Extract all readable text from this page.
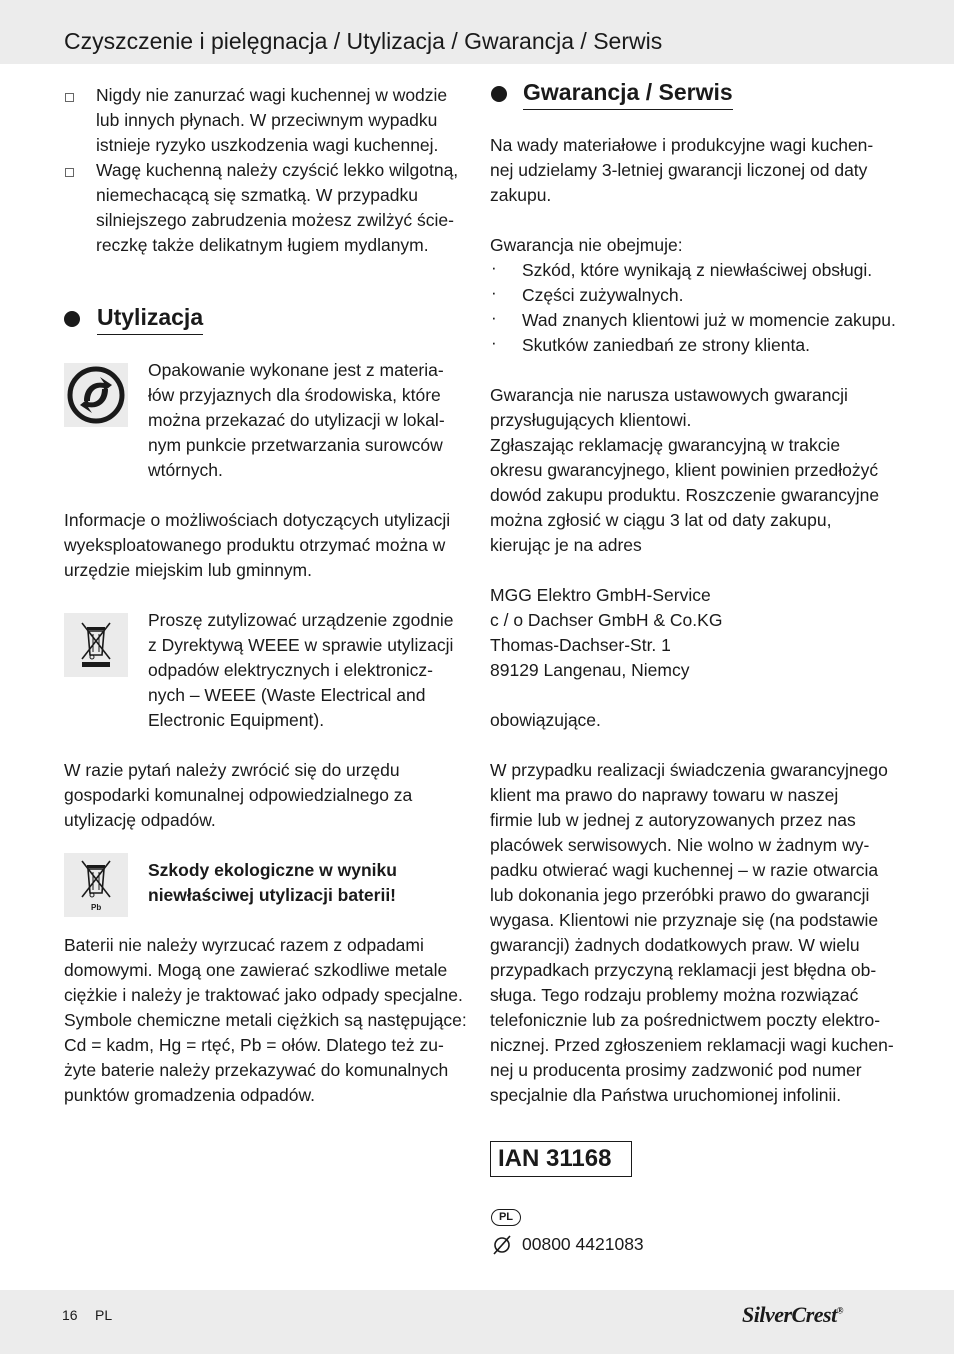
Czyszczenie i pielęgnacja / Utylizacja / Gwarancja / Serwis
Nigdy nie zanurzać wagi kuchennej w wodzie
lub innych płynach. W przeciwnym wypadku
istnieje ryzyko uszkodzenia wagi kuchennej.
Wagę kuchenną należy czyścić lekko wilgotną,
niemechacącą się szmatką. W przypadku
silniejszego zabrudzenia możesz zwilżyć ście-
reczkę także delikatnym ługiem mydlanym.
Utylizacja
Opakowanie wykonane jest z materia-
łów przyjaznych dla środowiska, które
można przekazać do utylizacji w lokal-
nym punkcie przetwarzania surowców
wtórnych.
Informacje o możliwościach dotyczących utylizacji
wyeksploatowanego produktu otrzymać można w
urzędzie miejskim lub gminnym.
Proszę zutylizować urządzenie zgodnie
z Dyrektywą WEEE w sprawie utylizacji
odpadów elektrycznych i elektronicz-
nych – WEEE (Waste Electrical and
Electronic Equipment).
W razie pytań należy zwrócić się do urzędu
gospodarki komunalnej odpowiedzialnego za
utylizację odpadów.
Pb
Szkody ekologiczne w wyniku
niewłaściwej utylizacji baterii!
Baterii nie należy wyrzucać razem z odpadami
domowymi. Mogą one zawierać szkodliwe metale
ciężkie i należy je traktować jako odpady specjalne.
Symbole chemiczne metali ciężkich są następujące:
Cd = kadm, Hg = rtęć, Pb = ołów. Dlatego też zu-
żyte baterie należy przekazywać do komunalnych
punktów gromadzenia odpadów.
Gwarancja / Serwis
Na wady materiałowe i produkcyjne wagi kuchen-
nej udzielamy 3-letniej gwarancji liczonej od daty
zakupu.
Gwarancja nie obejmuje:
· Szkód, które wynikają z niewłaściwej obsługi.
· Części zużywalnych.
· Wad znanych klientowi już w momencie zakupu.
· Skutków zaniedbań ze strony klienta.
Gwarancja nie narusza ustawowych gwarancji
przysługujących klientowi.
Zgłaszając reklamację gwarancyjną w trakcie
okresu gwarancyjnego, klient powinien przedłożyć
dowód zakupu produktu. Roszczenie gwarancyjne
można zgłosić w ciągu 3 lat od daty zakupu,
kierując je na adres
MGG Elektro GmbH-Service
c / o Dachser GmbH & Co.KG
Thomas-Dachser-Str. 1
89129 Langenau, Niemcy
obowiązujące.
W przypadku realizacji świadczenia gwarancyjnego
klient ma prawo do naprawy towaru w naszej
firmie lub w jednej z autoryzowanych przez nas
placówek serwisowych. Nie wolno w żadnym wy-
padku otwierać wagi kuchennej – w razie otwarcia
lub dokonania jego przeróbki prawo do gwarancji
wygasa. Klientowi nie przyznaje się (na podstawie
gwarancji) żadnych dodatkowych praw. W wielu
przypadkach przyczyną reklamacji jest błędna ob-
sługa. Tego rodzaju problemy można rozwiązać
telefonicznie lub za pośrednictwem poczty elektro-
nicznej. Przed zgłoszeniem reklamacji wagi kuchen-
nej u producenta prosimy zadzwonić pod numer
specjalnie dla Państwa uruchomionej infolinii.
IAN 31168
PL
00800 4421083
16 PL	SilverCrest®
